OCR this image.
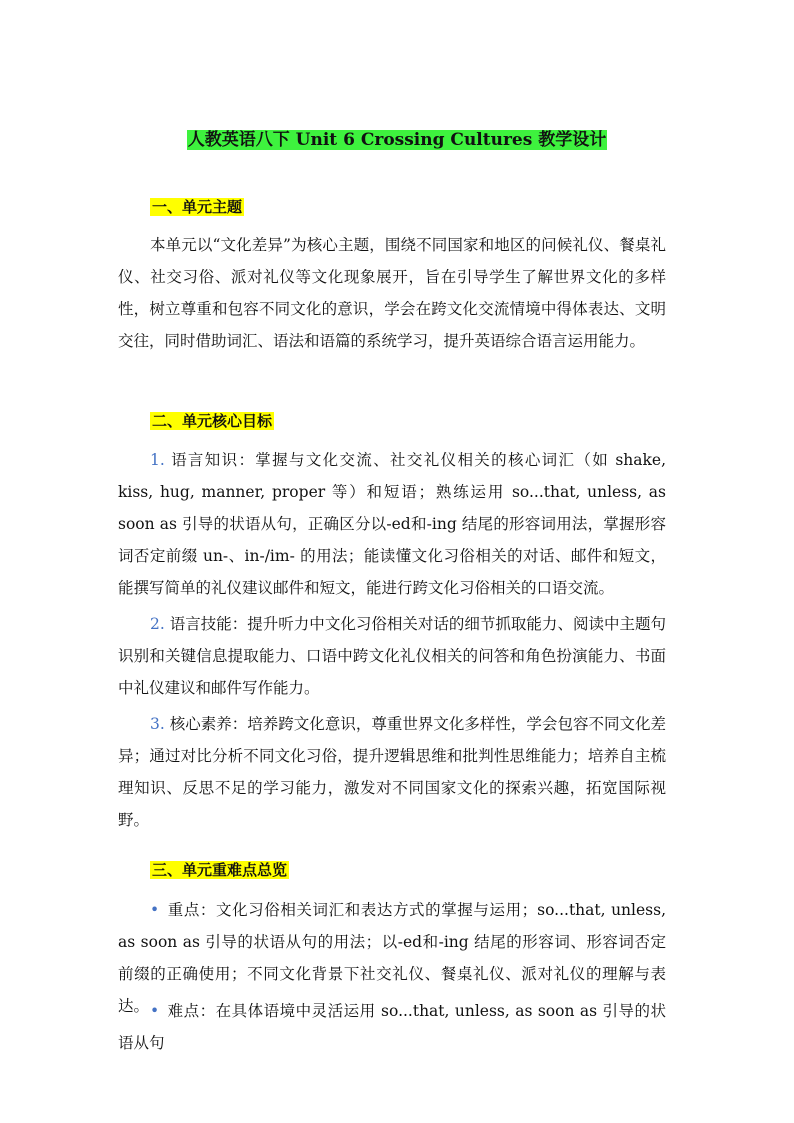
人教英语八下 Unit 6 Crossing Cultures 教学设计
一、单元主题

本单元以“文化差异”为核心主题，围绕不同国家和地区的问候礼仪、餐桌礼仪、社交习俗、派对礼仪等文化现象展开，旨在引导学生了解世界文化的多样性，树立尊重和包容不同文化的意识，学会在跨文化交流情境中得体表达、文明交往，同时借助词汇、语法和语篇的系统学习，提升英语综合语言运用能力。

二、单元核心目标

1. 语言知识：掌握与文化交流、社交礼仪相关的核心词汇（如 shake, kiss, hug, manner, proper 等）和短语；熟练运用 so...that, unless, as soon as 引导的状语从句，正确区分以-ed和-ing 结尾的形容词用法，掌握形容词否定前缀 un-、in-/im- 的用法；能读懂文化习俗相关的对话、邮件和短文，能撰写简单的礼仪建议邮件和短文，能进行跨文化习俗相关的口语交流。

2. 语言技能：提升听力中文化习俗相关对话的细节抓取能力、阅读中主题句识别和关键信息提取能力、口语中跨文化礼仪相关的问答和角色扮演能力、书面中礼仪建议和邮件写作能力。

3. 核心素养：培养跨文化意识，尊重世界文化多样性，学会包容不同文化差异；通过对比分析不同文化习俗，提升逻辑思维和批判性思维能力；培养自主梳理知识、反思不足的学习能力，激发对不同国家文化的探索兴趣，拓宽国际视野。

三、单元重难点总览

• 重点：文化习俗相关词汇和表达方式的掌握与运用；so...that, unless, as soon as 引导的状语从句的用法；以-ed和-ing 结尾的形容词、形容词否定前缀的正确使用；不同文化背景下社交礼仪、餐桌礼仪、派对礼仪的理解与表达。 • 难点：在具体语境中灵活运用 so...that, unless, as soon as 引导的状语从句
